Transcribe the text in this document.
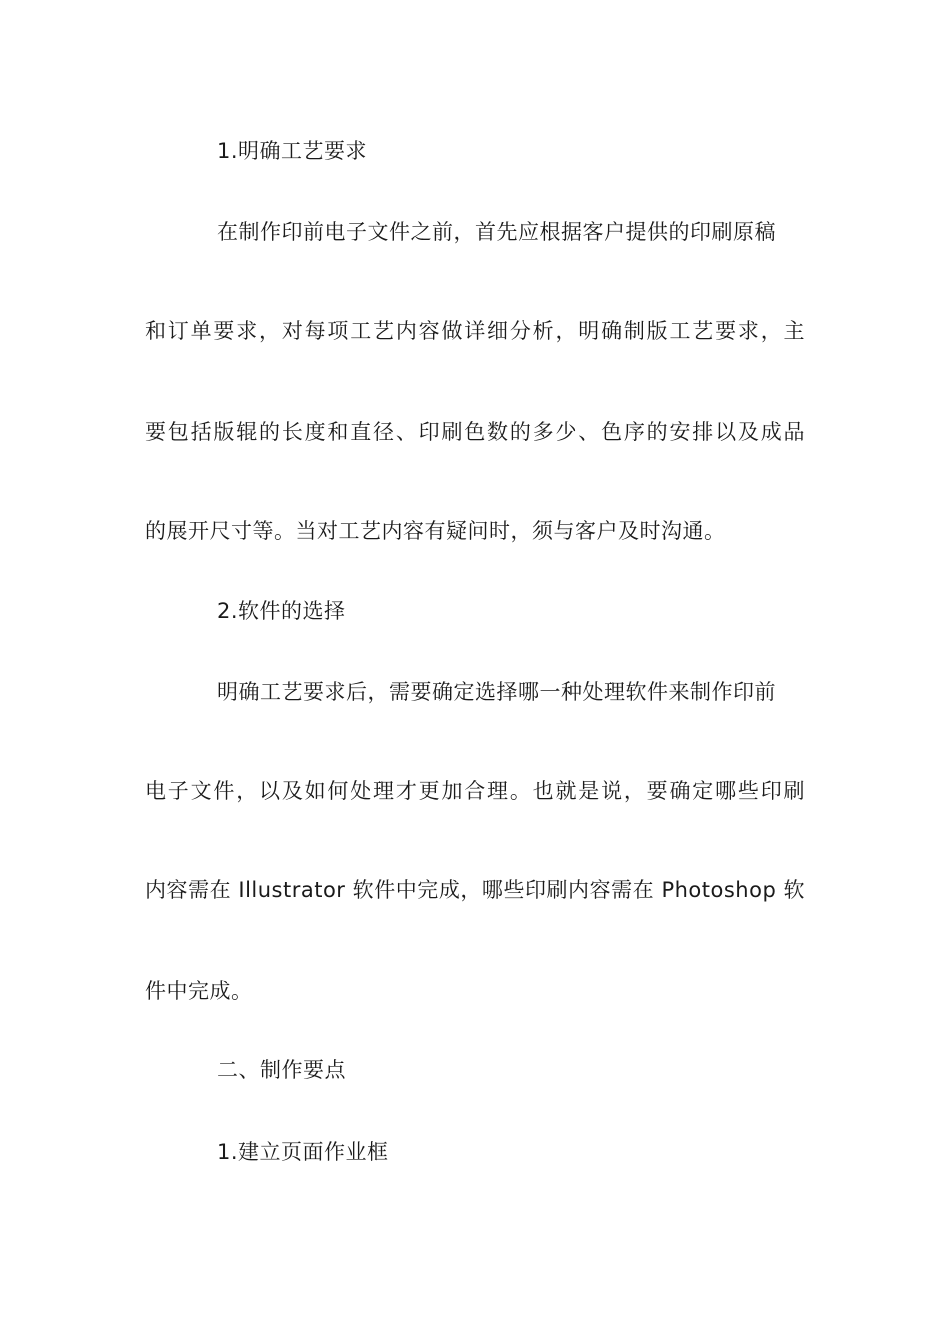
1.明确工艺要求
在制作印前电子文件之前，首先应根据客户提供的印刷原稿
和订单要求，对每项工艺内容做详细分析，明确制版工艺要求，主
要包括版辊的长度和直径、印刷色数的多少、色序的安排以及成品
的展开尺寸等。当对工艺内容有疑问时，须与客户及时沟通。
2.软件的选择
明确工艺要求后，需要确定选择哪一种处理软件来制作印前
电子文件，以及如何处理才更加合理。也就是说，要确定哪些印刷
内容需在 Illustrator 软件中完成，哪些印刷内容需在 Photoshop 软
件中完成。
二、制作要点
1.建立页面作业框
